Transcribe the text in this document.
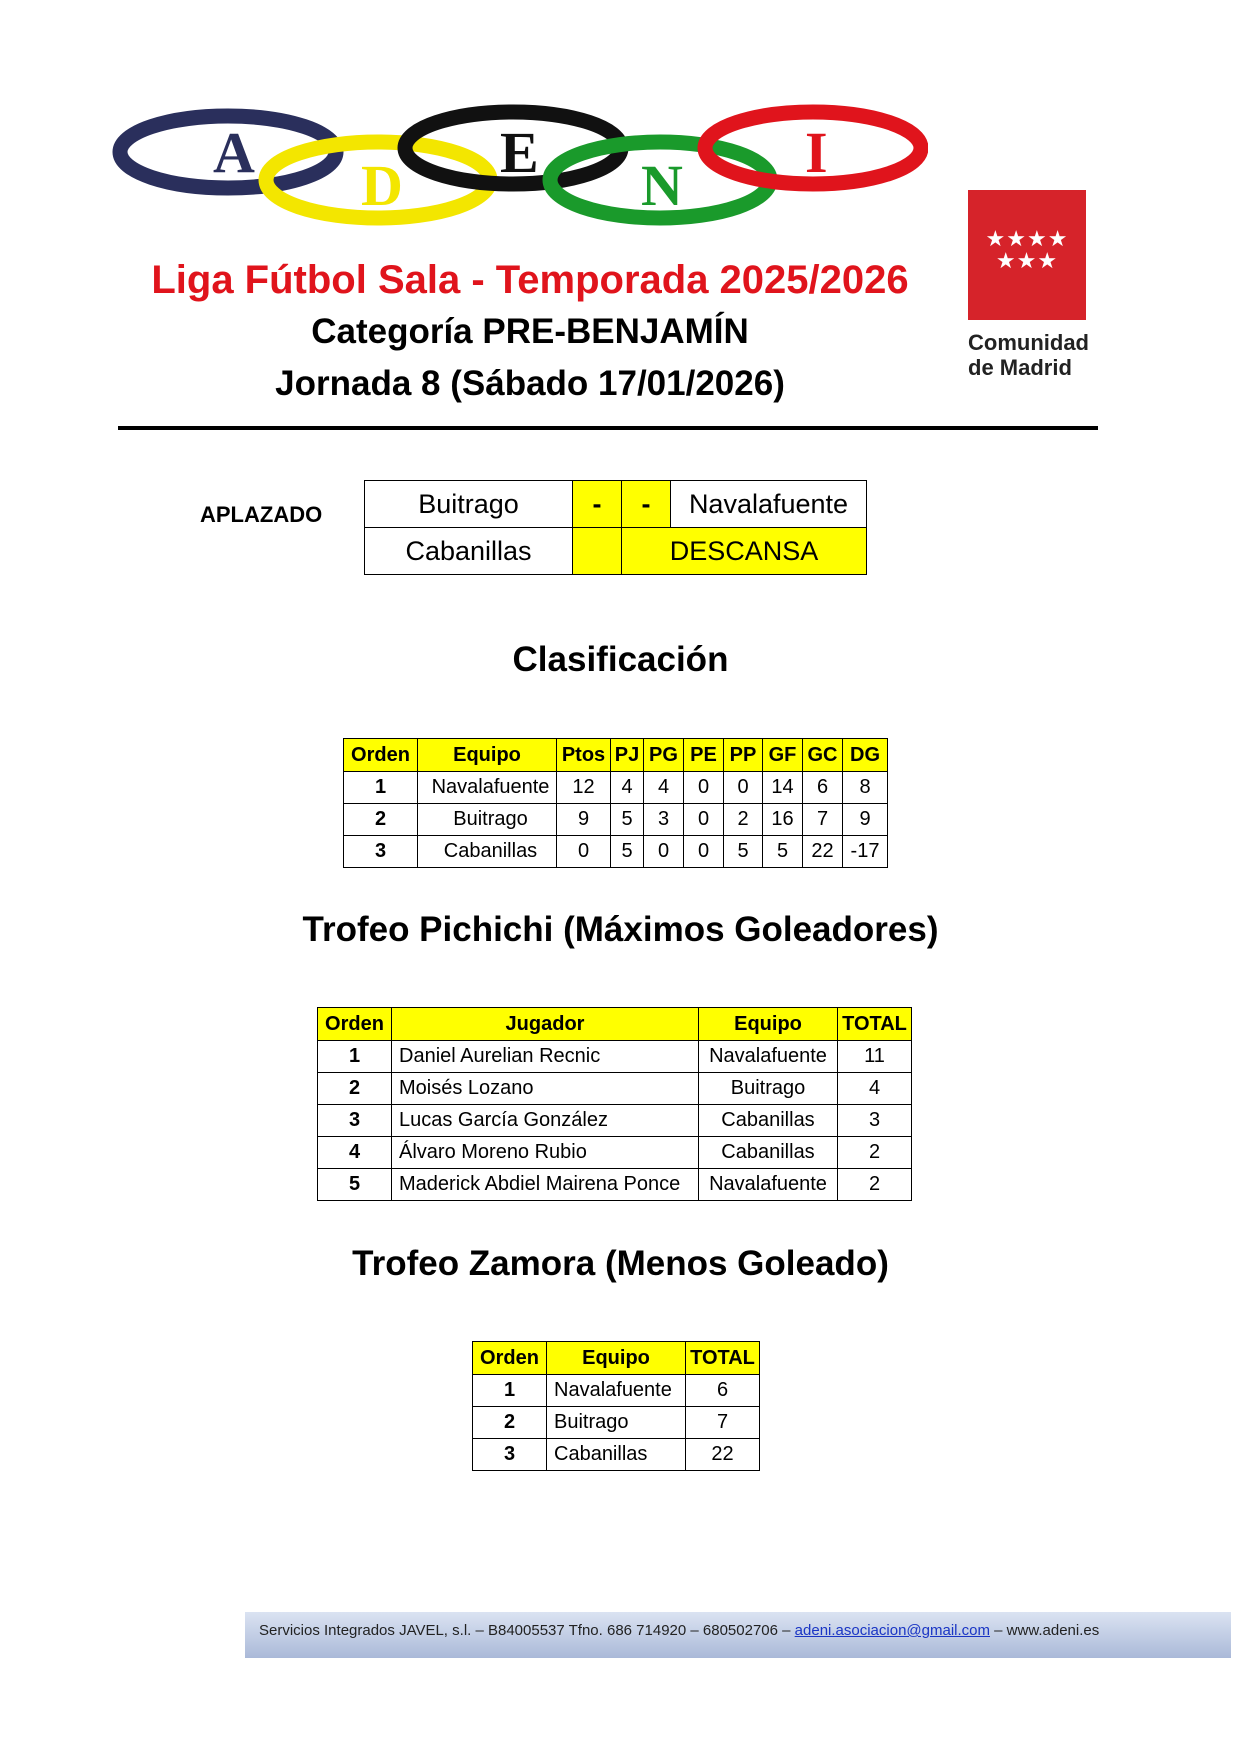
A
D
E
N
I
★★★★
★★★
Comunidad
de Madrid
Liga Fútbol Sala - Temporada 2025/2026
Categoría PRE-BENJAMÍN
Jornada 8 (Sábado 17/01/2026)
APLAZADO	Buitrago	-	-	Navalafuente
Cabanillas		DESCANSA	
Clasificación
Orden	Equipo	Ptos	PJ	PG	PE	PP	GF	GC	DG
1	Navalafuente	12	4	4	0	0	14	6	8
2	Buitrago	9	5	3	0	2	16	7	9
3	Cabanillas	0	5	0	0	5	5	22	-17
Trofeo Pichichi (Máximos Goleadores)
Orden	Jugador	Equipo	TOTAL
1	Daniel Aurelian Recnic	Navalafuente	11
2	Moisés Lozano	Buitrago	4
3	Lucas García González	Cabanillas	3
4	Álvaro Moreno Rubio	Cabanillas	2
5	Maderick Abdiel Mairena Ponce	Navalafuente	2
Trofeo Zamora (Menos Goleado)
Orden	Equipo	TOTAL
1	Navalafuente	6
2	Buitrago	7
3	Cabanillas	22
Servicios Integrados JAVEL, s.l. – B84005537 Tfno. 686 714920 – 680502706 – adeni.asociacion@gmail.com – www.adeni.es
